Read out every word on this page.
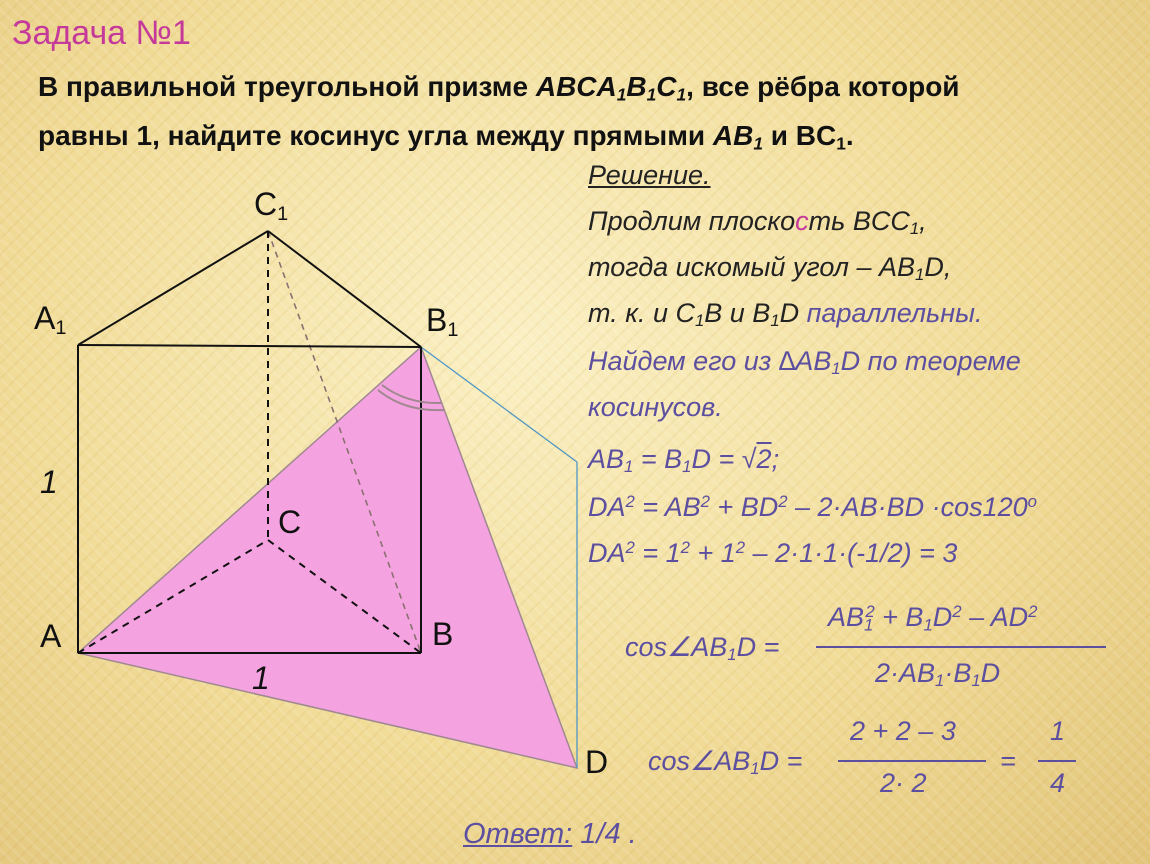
$C_1$
$A_1$	$B_1$
C
A	B
D
1
1
Задача №1
В правильной треугольной призме $ABCA_1B_1C_1$, все рёбра которой
равны 1, найдите косинус угла между прямыми $AB_1$ и $BC_1$.
Решение.
Продлим плоскость $BCC_1$,
тогда искомый угол – $AB_1D$,
т. к. и $C_1B$ и $B_1D$ параллельны.
Найдем его из $\Delta AB_1D$ по теореме
косинусов.
$AB_1 = B_1D = √2$;
$DA^2 = AB^2 + BD^2 - 2\cdot AB\cdot BD \cdot\cos 120^o$
$DA^2 = 1^2 + 1^2 - 2\cdot 1\cdot 1\cdot(-1/2) = 3$
$\cos\angle AB_1D$ =
$AB_1^2 + B_1D^2 - AD^2$
$2\cdot AB_1\cdot B_1D$
$\cos\angle AB_1D$ =
2 + 2 – 3
2· 2
=
1
4
Ответ: 1/4 .
